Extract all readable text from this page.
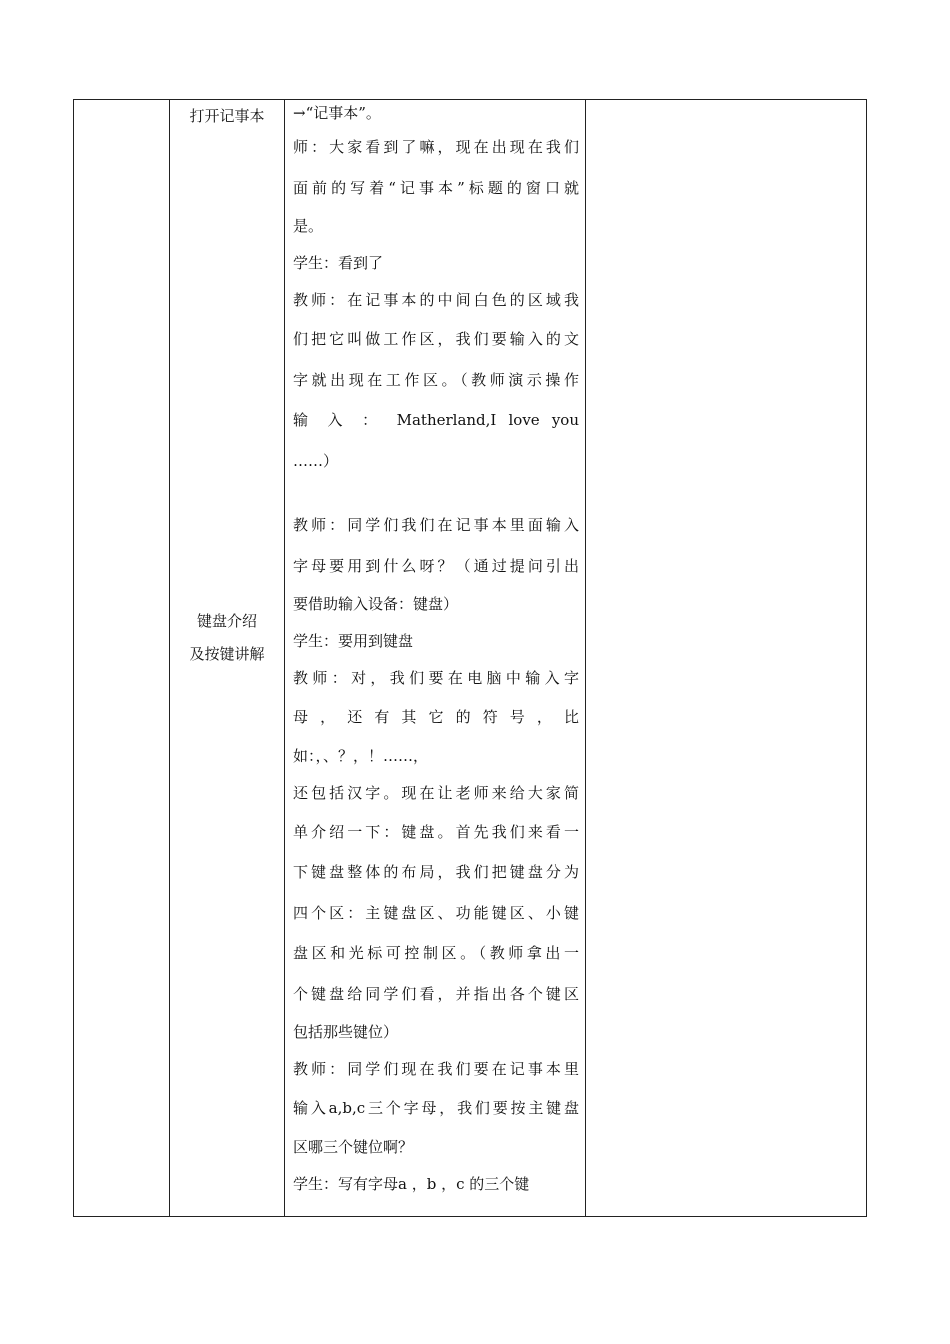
打开记事本
键盘介绍
及按键讲解
→“记事本”。
师：大家看到了嘛，现在出现在我们
面前的写着“记事本”标题的窗口就
是。
学生：看到了
教师：在记事本的中间白色的区域我
们把它叫做工作区，我们要输入的文
字就出现在工作区。（教师演示操作
输 入 ： Matherland,I love you
……）
教师：同学们我们在记事本里面输入
字母要用到什么呀？（通过提问引出
要借助输入设备：键盘）
学生：要用到键盘
教师：对，我们要在电脑中输入字
母 ， 还 有 其 它 的 符 号 ， 比
如：，、？，！……，
还包括汉字。现在让老师来给大家简
单介绍一下：键盘。首先我们来看一
下键盘整体的布局，我们把键盘分为
四个区：主键盘区、功能键区、小键
盘区和光标可控制区。（教师拿出一
个键盘给同学们看，并指出各个键区
包括那些键位）
教师：同学们现在我们要在记事本里
输入a,b,c三个字母，我们要按主键盘
区哪三个键位啊？
学生：写有字母a ，b ，c 的三个键
